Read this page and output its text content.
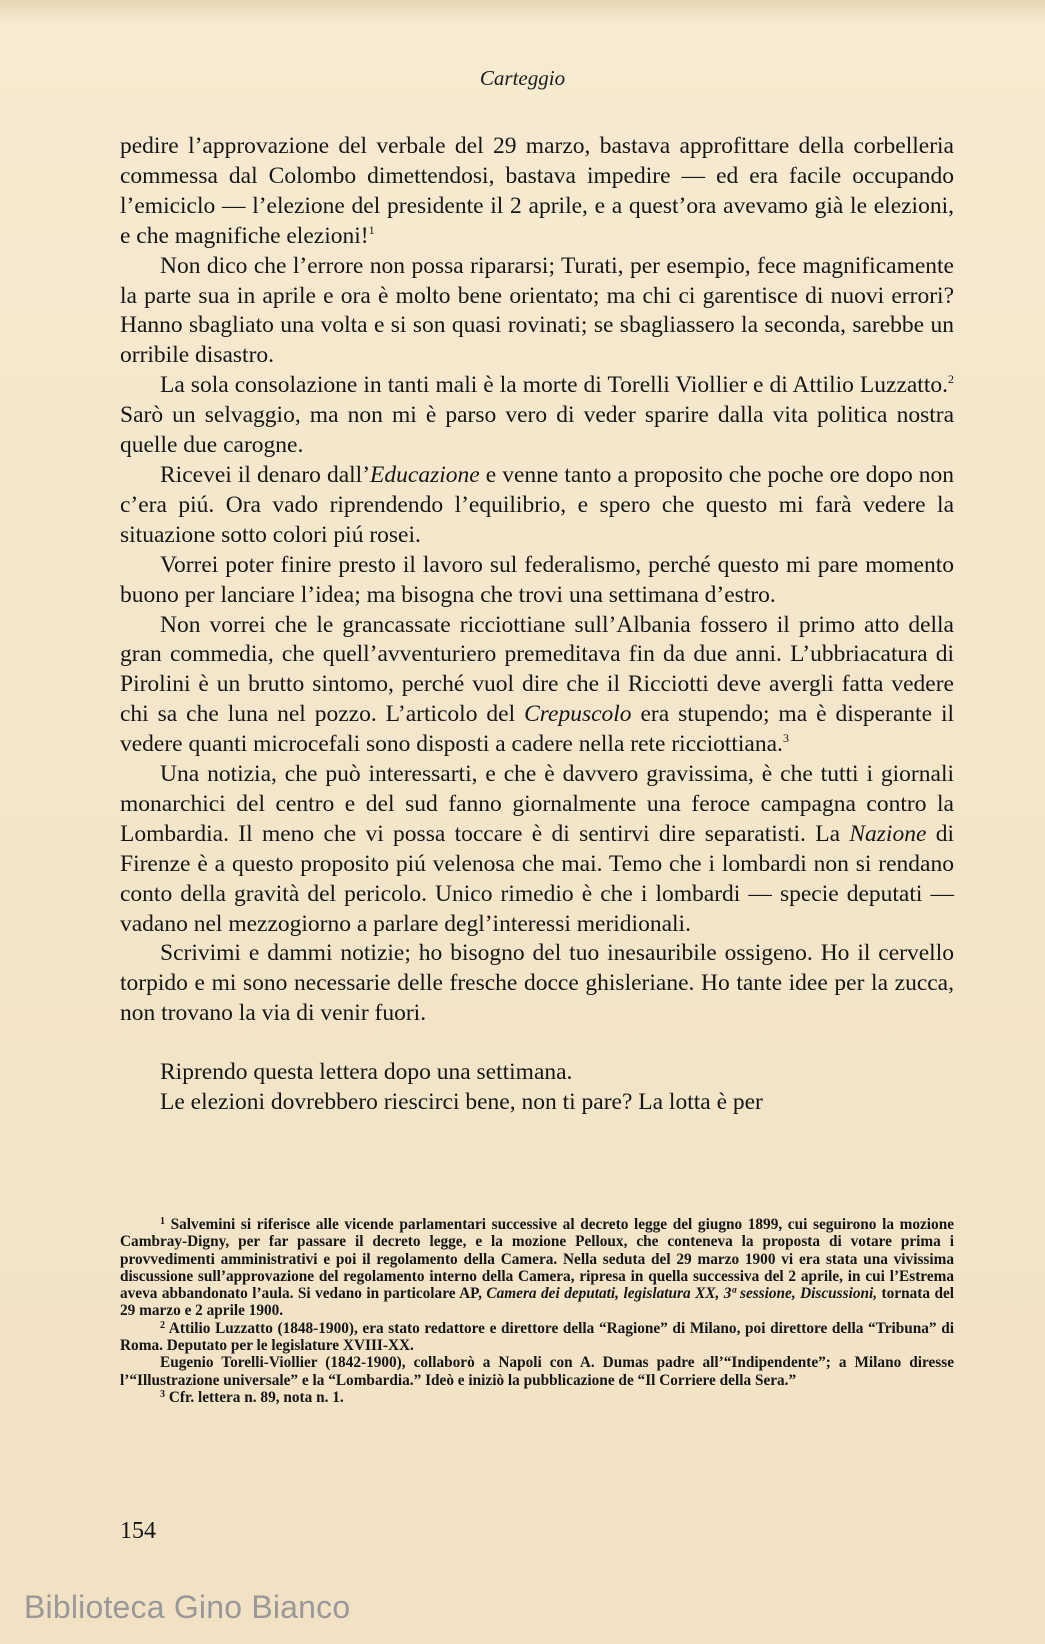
Carteggio

pedire l’approvazione del verbale del 29 marzo, bastava approfittare della corbelleria commessa dal Colombo dimettendosi, bastava impedire — ed era facile occupando l’emiciclo — l’elezione del presidente il 2 aprile, e a quest’ora avevamo già le elezioni, e che magnifiche elezioni!$^1$

Non dico che l’errore non possa ripararsi; Turati, per esempio, fece magnificamente la parte sua in aprile e ora è molto bene orientato; ma chi ci garentisce di nuovi errori? Hanno sbagliato una volta e si son quasi rovinati; se sbagliassero la seconda, sarebbe un orribile disastro.

La sola consolazione in tanti mali è la morte di Torelli Viollier e di Attilio Luzzatto.$^2$ Sarò un selvaggio, ma non mi è parso vero di veder sparire dalla vita politica nostra quelle due carogne.

Ricevei il denaro dall’Educazione e venne tanto a proposito che poche ore dopo non c’era piú. Ora vado riprendendo l’equilibrio, e spero che questo mi farà vedere la situazione sotto colori piú rosei.

Vorrei poter finire presto il lavoro sul federalismo, perché questo mi pare momento buono per lanciare l’idea; ma bisogna che trovi una settimana d’estro.

Non vorrei che le grancassate ricciottiane sull’Albania fossero il primo atto della gran commedia, che quell’avventuriero premeditava fin da due anni. L’ubbriacatura di Pirolini è un brutto sintomo, perché vuol dire che il Ricciotti deve avergli fatta vedere chi sa che luna nel pozzo. L’articolo del Crepuscolo era stupendo; ma è disperante il vedere quanti microcefali sono disposti a cadere nella rete ricciottiana.$^3$

Una notizia, che può interessarti, e che è davvero gravissima, è che tutti i giornali monarchici del centro e del sud fanno giornalmente una feroce campagna contro la Lombardia. Il meno che vi possa toccare è di sentirvi dire separatisti. La Nazione di Firenze è a questo proposito piú velenosa che mai. Temo che i lombardi non si rendano conto della gravità del pericolo. Unico rimedio è che i lombardi — specie deputati — vadano nel mezzogiorno a parlare degl’interessi meridionali.

Scrivimi e dammi notizie; ho bisogno del tuo inesauribile ossigeno. Ho il cervello torpido e mi sono necessarie delle fresche docce ghisleriane. Ho tante idee per la zucca, non trovano la via di venir fuori.

Riprendo questa lettera dopo una settimana.

Le elezioni dovrebbero riescirci bene, non ti pare? La lotta è per

$^1$ Salvemini si riferisce alle vicende parlamentari successive al decreto legge del giugno 1899, cui seguirono la mozione Cambray-Digny, per far passare il decreto legge, e la mozione Pelloux, che conteneva la proposta di votare prima i provvedimenti amministrativi e poi il regolamento della Camera. Nella seduta del 29 marzo 1900 vi era stata una vivissima discussione sull’approvazione del regolamento interno della Camera, ripresa in quella successiva del 2 aprile, in cui l’Estrema aveva abbandonato l’aula. Si vedano in particolare AP, Camera dei deputati, legislatura XX, 3ª sessione, Discussioni, tornata del 29 marzo e 2 aprile 1900.

$^2$ Attilio Luzzatto (1848-1900), era stato redattore e direttore della “Ragione” di Milano, poi direttore della “Tribuna” di Roma. Deputato per le legislature XVIII-XX.

Eugenio Torelli-Viollier (1842-1900), collaborò a Napoli con A. Dumas padre all’“Indipendente”; a Milano diresse l’“Illustrazione universale” e la “Lombardia.” Ideò e iniziò la pubblicazione de “Il Corriere della Sera.”

$^3$ Cfr. lettera n. 89, nota n. 1.

154
Biblioteca Gino Bianco
